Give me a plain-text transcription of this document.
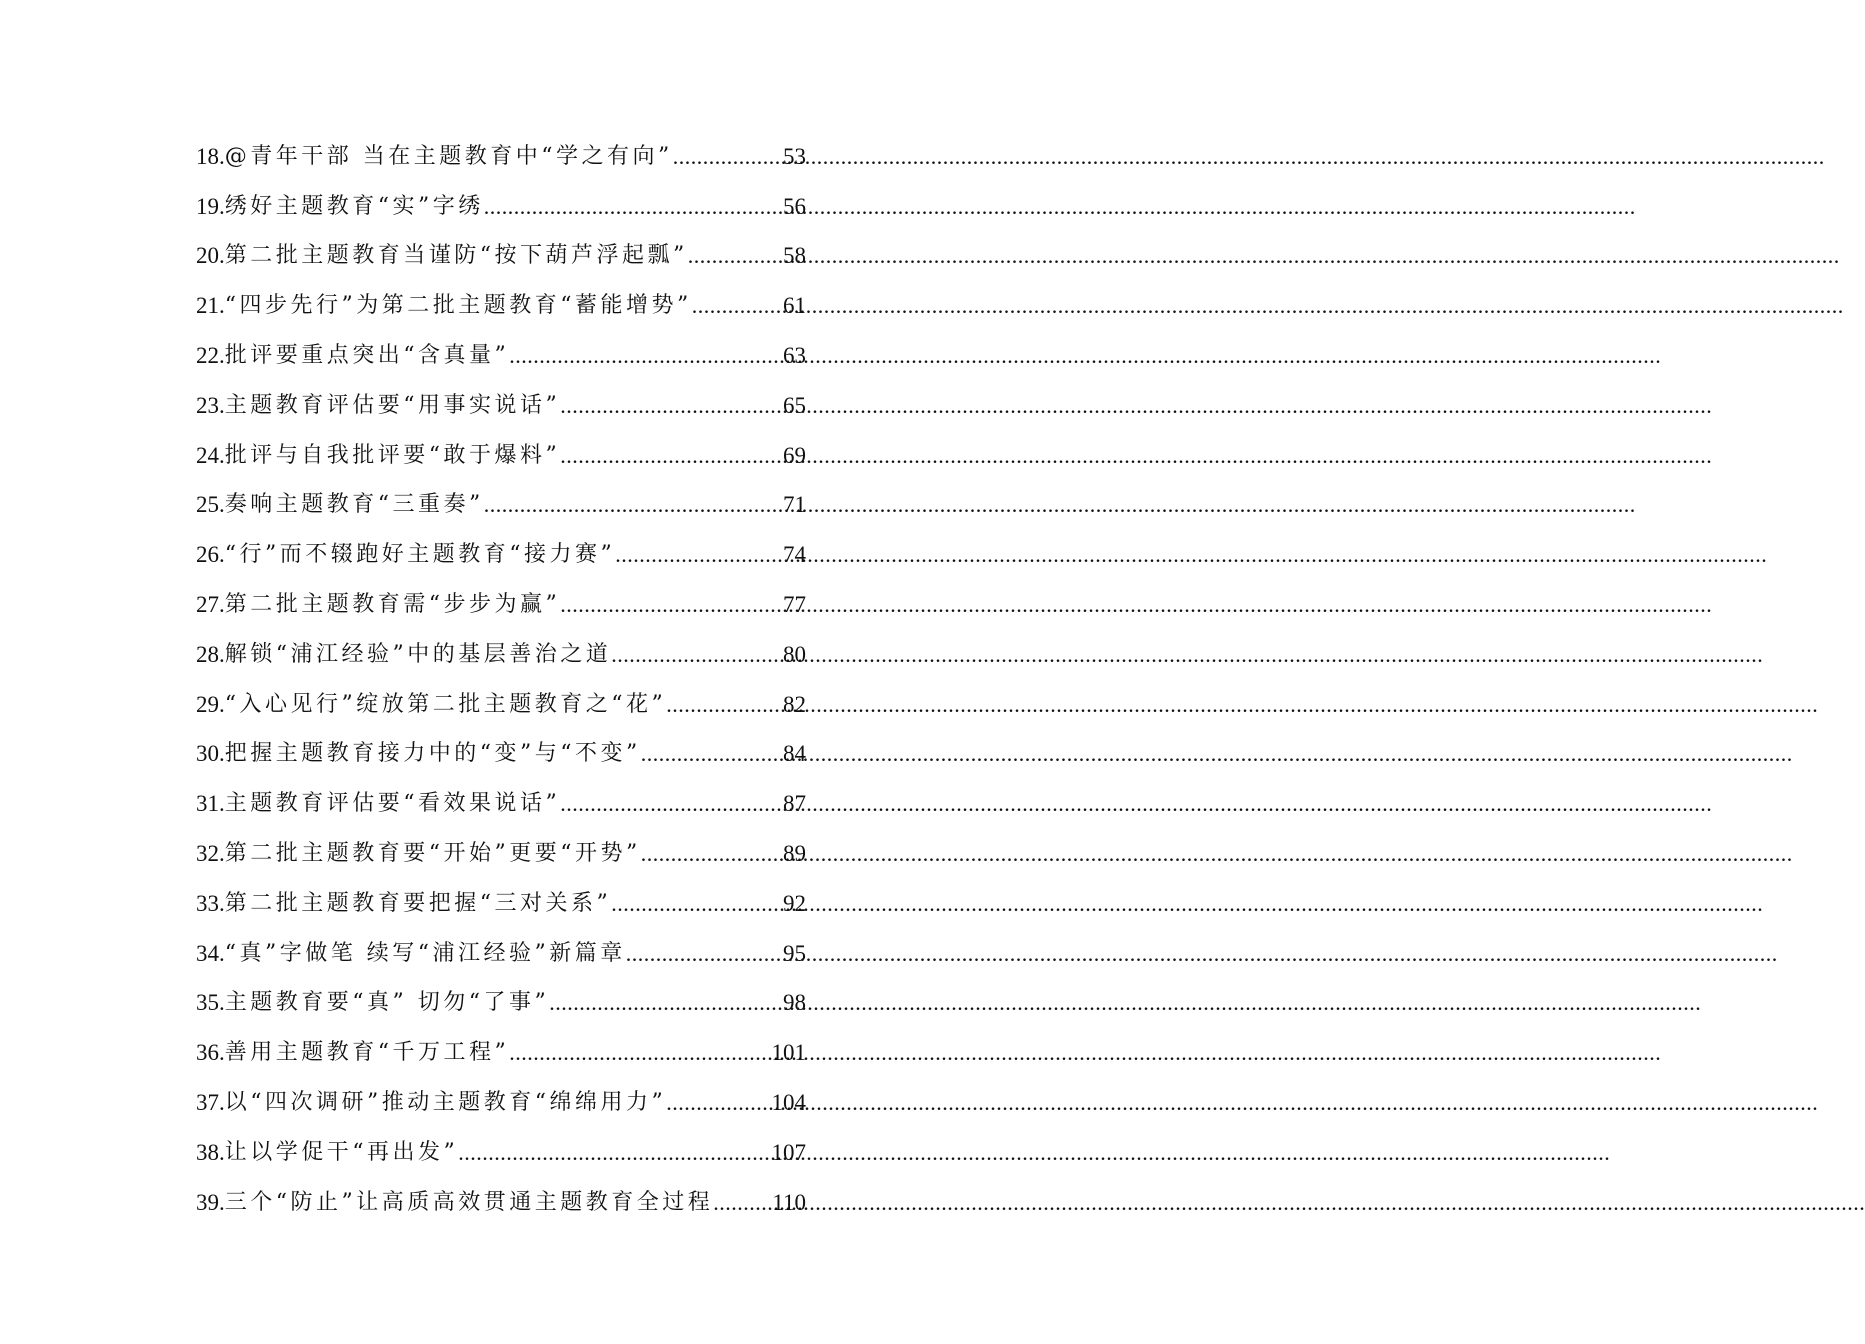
18. @青年干部 当在主题教育中“学之有向” .....	53
19. 绣好主题教育“实”字绣 .....	56
20. 第二批主题教育当谨防“按下葫芦浮起瓢” .....	58
21. “四步先行”为第二批主题教育“蓄能增势” .....	61
22. 批评要重点突出“含真量” .....	63
23. 主题教育评估要“用事实说话” .....	65
24. 批评与自我批评要“敢于爆料” .....	69
25. 奏响主题教育“三重奏” .....	71
26. “行”而不辍跑好主题教育“接力赛” .....	74
27. 第二批主题教育需“步步为赢” .....	77
28. 解锁“浦江经验”中的基层善治之道 .....	80
29. “入心见行”绽放第二批主题教育之“花” .....	82
30. 把握主题教育接力中的“变”与“不变” .....	84
31. 主题教育评估要“看效果说话” .....	87
32. 第二批主题教育要“开始”更要“开势” .....	89
33. 第二批主题教育要把握“三对关系” .....	92
34. “真”字做笔 续写“浦江经验”新篇章 .....	95
35. 主题教育要“真” 切勿“了事” .....	98
36. 善用主题教育“千万工程” .....	101
37. 以“四次调研”推动主题教育“绵绵用力” .....	104
38. 让以学促干“再出发” .....	107
39. 三个“防止”让高质高效贯通主题教育全过程 .....	110
